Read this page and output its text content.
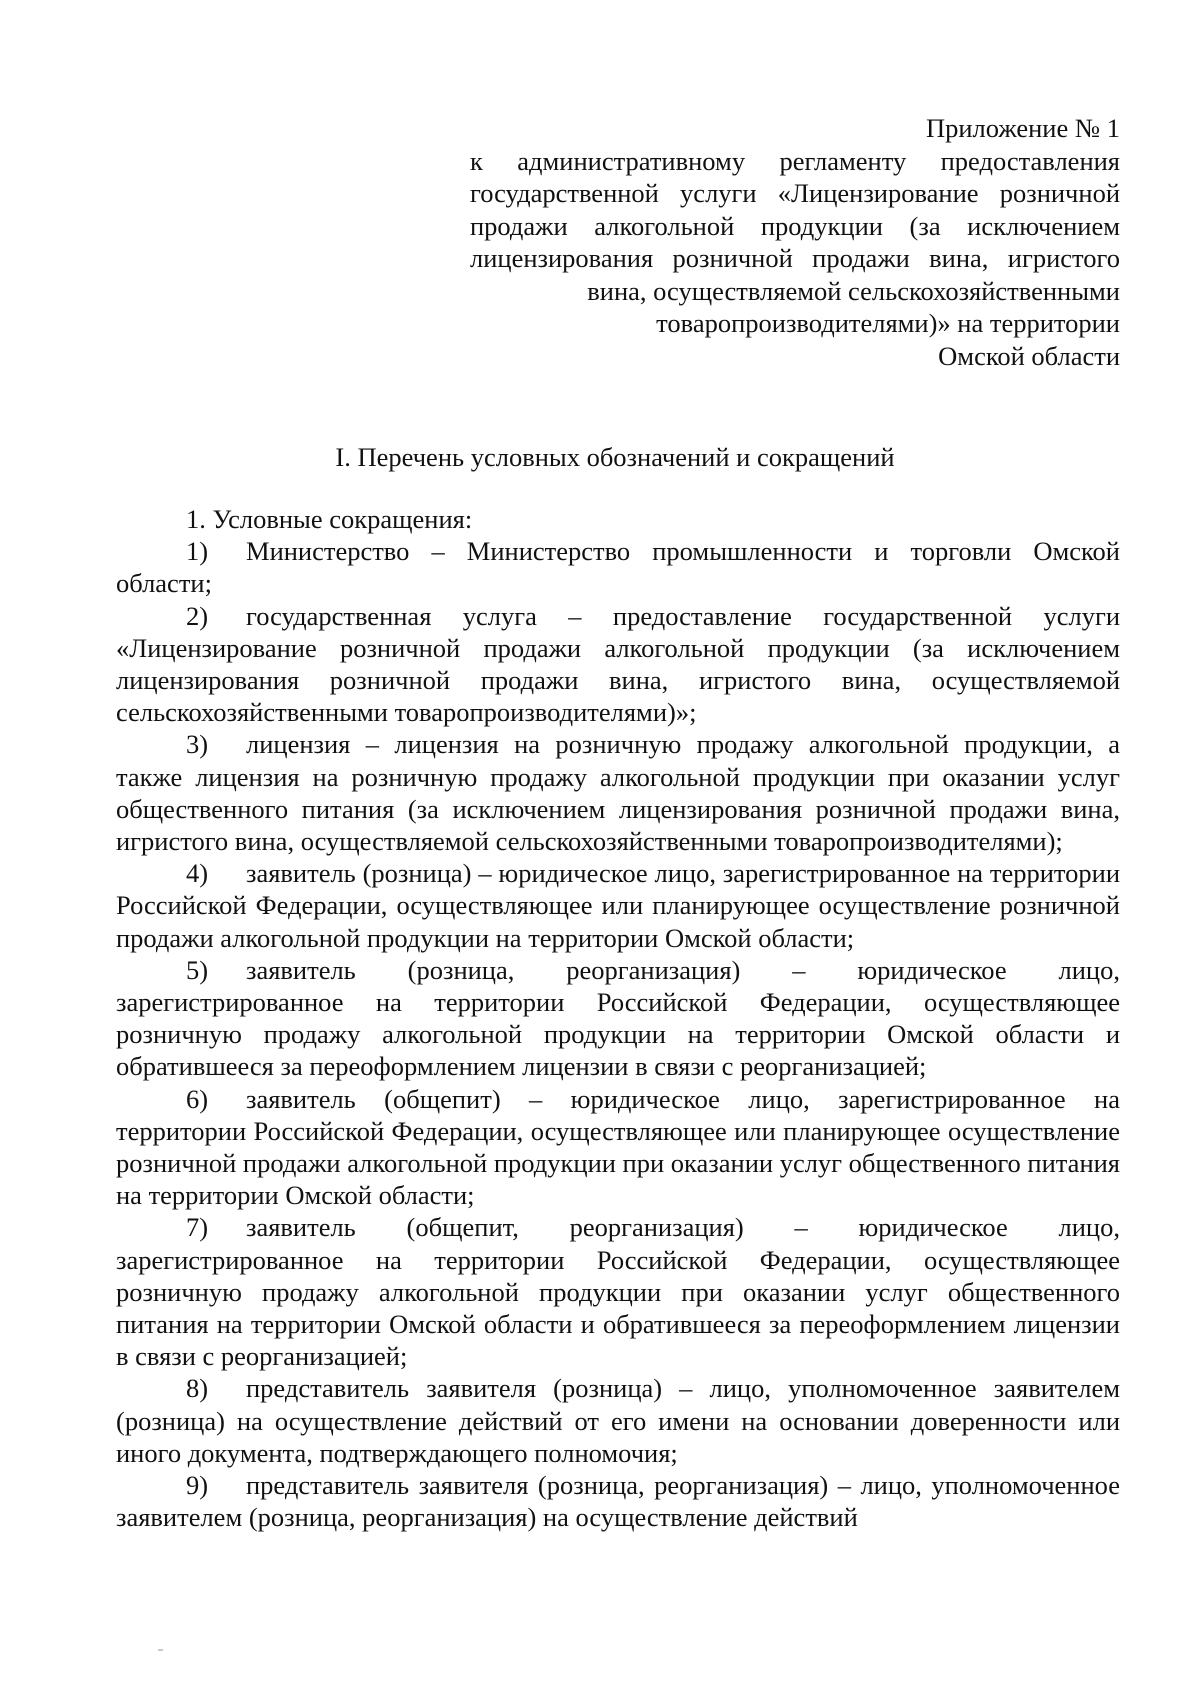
Приложение № 1
к административному регламенту предоставления
государственной услуги «Лицензирование розничной
продажи алкогольной продукции (за исключением
лицензирования розничной продажи вина, игристого
вина, осуществляемой сельскохозяйственными
товаропроизводителями)» на территории
Омской области
I. Перечень условных обозначений и сокращений
1. Условные сокращения:
1) Министерство – Министерство промышленности и торговли Омской области;
2) государственная услуга – предоставление государственной услуги «Лицензирование розничной продажи алкогольной продукции (за исключением лицензирования розничной продажи вина, игристого вина, осуществляемой сельскохозяйственными товаропроизводителями)»;
3) лицензия – лицензия на розничную продажу алкогольной продукции, а также лицензия на розничную продажу алкогольной продукции при оказании услуг общественного питания (за исключением лицензирования розничной продажи вина, игристого вина, осуществляемой сельскохозяйственными товаропроизводителями);
4) заявитель (розница) – юридическое лицо, зарегистрированное на территории Российской Федерации, осуществляющее или планирующее осуществление розничной продажи алкогольной продукции на территории Омской области;
5) заявитель (розница, реорганизация) – юридическое лицо, зарегистрированное на территории Российской Федерации, осуществляющее розничную продажу алкогольной продукции на территории Омской области и обратившееся за переоформлением лицензии в связи с реорганизацией;
6) заявитель (общепит) – юридическое лицо, зарегистрированное на территории Российской Федерации, осуществляющее или планирующее осуществление розничной продажи алкогольной продукции при оказании услуг общественного питания на территории Омской области;
7) заявитель (общепит, реорганизация) – юридическое лицо, зарегистрированное на территории Российской Федерации, осуществляющее розничную продажу алкогольной продукции при оказании услуг общественного питания на территории Омской области и обратившееся за переоформлением лицензии в связи с реорганизацией;
8) представитель заявителя (розница) – лицо, уполномоченное заявителем (розница) на осуществление действий от его имени на основании доверенности или иного документа, подтверждающего полномочия;
9) представитель заявителя (розница, реорганизация) – лицо, уполномоченное заявителем (розница, реорганизация) на осуществление действий
